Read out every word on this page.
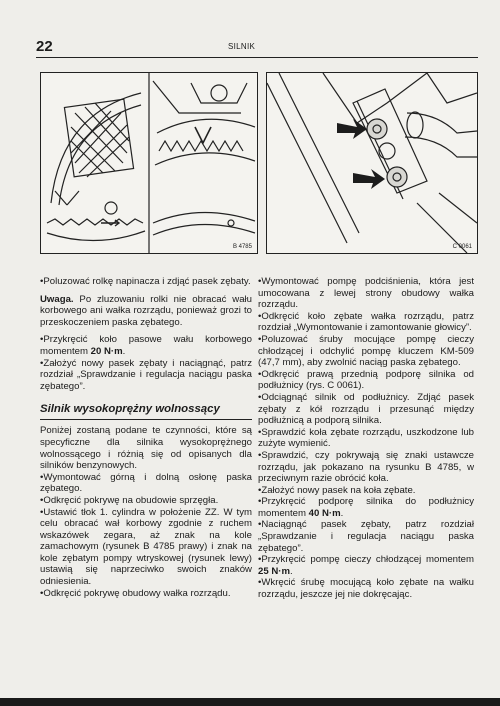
22	SILNIK
B 4785	C 0061

•Poluzować rolkę napinacza i zdjąć pasek zębaty.

Uwaga. Po zluzowaniu rolki nie obracać wału korbowego ani wałka rozrządu, ponieważ grozi to przeskoczeniem paska zębatego.

•Przykręcić koło pasowe wału korbowego momentem 20 N·m.

•Założyć nowy pasek zębaty i naciągnąć, patrz rozdział „Sprawdzanie i regulacja naciągu paska zębatego”.

Silnik wysokoprężny wolnossący

Poniżej zostaną podane te czynności, które są specyficzne dla silnika wysokoprężnego wolnossącego i różnią się od opisanych dla silników benzynowych.

•Wymontować górną i dolną osłonę paska zębatego.

•Odkręcić pokrywę na obudowie sprzęgła.

•Ustawić tłok 1. cylindra w położenie ZZ. W tym celu obracać wał korbowy zgodnie z ruchem wskazówek zegara, aż znak na kole zamachowym (rysunek B 4785 prawy) i znak na kole zębatym pompy wtryskowej (rysunek lewy) ustawią się naprzeciwko swoich znaków odniesienia.

•Odkręcić pokrywę obudowy wałka rozrządu.

•Wymontować pompę podciśnienia, która jest umocowana z lewej strony obudowy wałka rozrządu.

•Odkręcić koło zębate wałka rozrządu, patrz rozdział „Wymontowanie i zamontowanie głowicy”.

•Poluzować śruby mocujące pompę cieczy chłodzącej i odchylić pompę kluczem KM-509 (47,7 mm), aby zwolnić naciąg paska zębatego.

•Odkręcić prawą przednią podporę silnika od podłużnicy (rys. C 0061).

•Odciągnąć silnik od podłużnicy. Zdjąć pasek zębaty z kół rozrządu i przesunąć między podłużnicą a podporą silnika.

•Sprawdzić koła zębate rozrządu, uszkodzone lub zużyte wymienić.

•Sprawdzić, czy pokrywają się znaki ustawcze rozrządu, jak pokazano na rysunku B 4785, w przeciwnym razie obrócić koła.

•Założyć nowy pasek na koła zębate.

•Przykręcić podporę silnika do podłużnicy momentem 40 N·m.

•Naciągnąć pasek zębaty, patrz rozdział „Sprawdzanie i regulacja naciągu paska zębatego”.

•Przykręcić pompę cieczy chłodzącej momentem 25 N·m.

•Wkręcić śrubę mocującą koło zębate na wałku rozrządu, jeszcze jej nie dokręcając.
